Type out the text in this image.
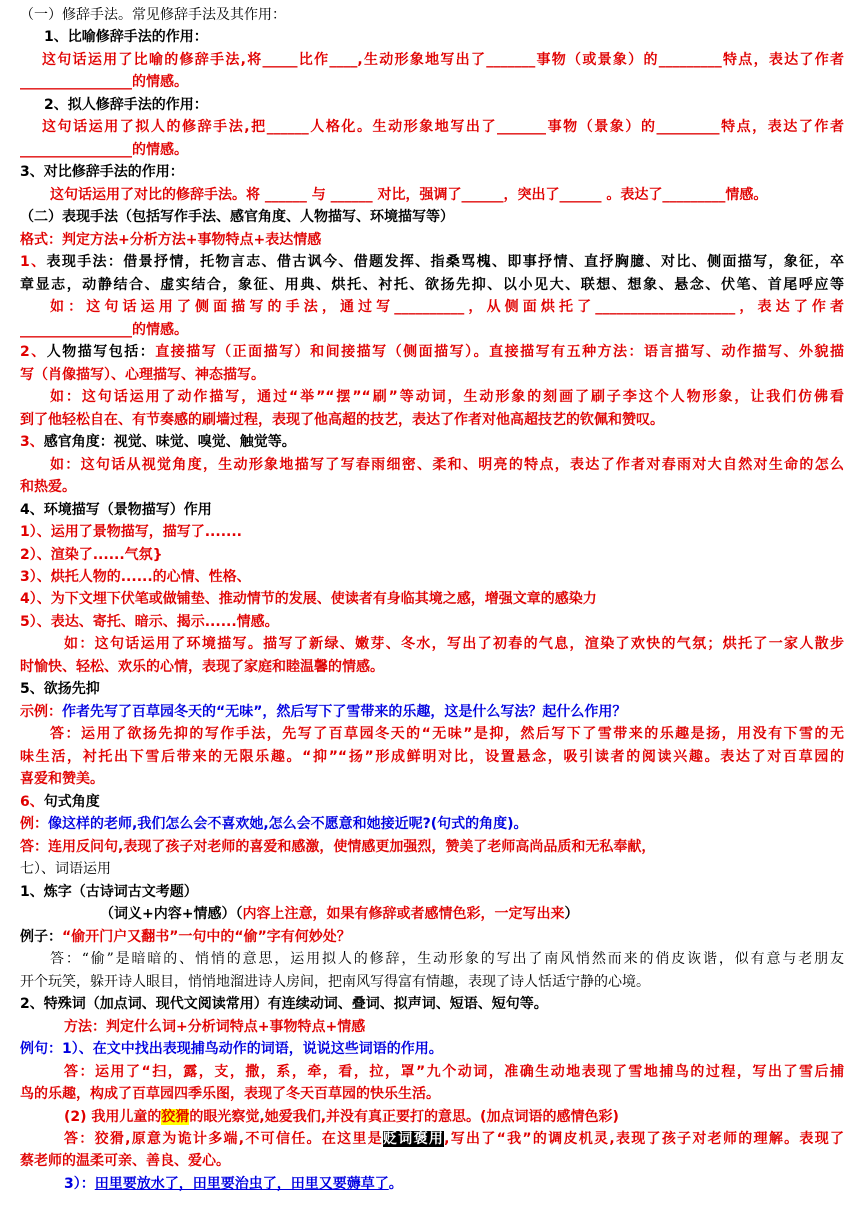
（一）修辞手法。常见修辞手法及其作用：
1、比喻修辞手法的作用：
这句话运用了比喻的修辞手法,将_____比作____,生动形象地写出了_______事物（或景象）的_________特点，表达了作者
________________的情感。
2、拟人修辞手法的作用：
这句话运用了拟人的修辞手法,把______人格化。生动形象地写出了_______事物（景象）的_________特点，表达了作者
________________的情感。
3、对比修辞手法的作用：
这句话运用了对比的修辞手法。将 ______ 与 ______ 对比，强调了______，突出了______ 。表达了_________情感。
（二）表现手法（包括写作手法、感官角度、人物描写、环境描写等）
格式：判定方法+分析方法+事物特点+表达情感
1、表现手法：借景抒情，托物言志、借古讽今、借题发挥、指桑骂槐、即事抒情、直抒胸臆、对比、侧面描写，象征，卒
章显志，动静结合、虚实结合，象征、用典、烘托、衬托、欲扬先抑、以小见大、联想、想象、悬念、伏笔、首尾呼应等
如：这句话运用了侧面描写的手法，通过写__________，从侧面烘托了____________________，表达了作者
________________的情感。
2、人物描写包括：直接描写（正面描写）和间接描写（侧面描写）。直接描写有五种方法：语言描写、动作描写、外貌描
写（肖像描写）、心理描写、神态描写。
如：这句话运用了动作描写，通过“举”“摆”“刷”等动词，生动形象的刻画了刷子李这个人物形象，让我们仿佛看
到了他轻松自在、有节奏感的刷墙过程，表现了他高超的技艺，表达了作者对他高超技艺的钦佩和赞叹。
3、感官角度：视觉、味觉、嗅觉、触觉等。
如：这句话从视觉角度，生动形象地描写了写春雨细密、柔和、明亮的特点，表达了作者对春雨对大自然对生命的怎么
和热爱。
4、环境描写（景物描写）作用
1）、运用了景物描写，描写了.......
2）、渲染了......气氛}
3）、烘托人物的......的心情、性格、
4）、为下文埋下伏笔或做铺垫、推动情节的发展、使读者有身临其境之感，增强文章的感染力
5）、表达、寄托、暗示、揭示......情感。
如：这句话运用了环境描写。描写了新绿、嫩芽、冬水，写出了初春的气息，渲染了欢快的气氛；烘托了一家人散步
时愉快、轻松、欢乐的心情，表现了家庭和睦温馨的情感。
5、欲扬先抑
示例：作者先写了百草园冬天的“无味”，然后写下了雪带来的乐趣，这是什么写法？起什么作用？
答：运用了欲扬先抑的写作手法，先写了百草园冬天的“无味”是抑，然后写下了雪带来的乐趣是扬，用没有下雪的无
味生活，衬托出下雪后带来的无限乐趣。“抑”“扬”形成鲜明对比，设置悬念，吸引读者的阅读兴趣。表达了对百草园的
喜爱和赞美。
6、句式角度
例：像这样的老师,我们怎么会不喜欢她,怎么会不愿意和她接近呢?(句式的角度)。
答：连用反问句,表现了孩子对老师的喜爱和感激，使情感更加强烈，赞美了老师高尚品质和无私奉献，
七）、词语运用
1、炼字（古诗词古文考题）
（词义+内容+情感）（内容上注意，如果有修辞或者感情色彩，一定写出来）
例子：“偷开门户又翻书”一句中的“偷”字有何妙处？
答：“偷”是暗暗的、悄悄的意思，运用拟人的修辞，生动形象的写出了南风悄然而来的俏皮诙谐，似有意与老朋友
开个玩笑，躲开诗人眼目，悄悄地溜进诗人房间，把南风写得富有情趣，表现了诗人恬适宁静的心境。
2、特殊词（加点词、现代文阅读常用）有连续动词、叠词、拟声词、短语、短句等。
方法：判定什么词+分析词特点+事物特点+情感
例句：1）、在文中找出表现捕鸟动作的词语，说说这些词语的作用。
答：运用了“扫，露，支，撒，系，牵，看，拉，罩”九个动词，准确生动地表现了雪地捕鸟的过程，写出了雪后捕
鸟的乐趣，构成了百草园四季乐图，表现了冬天百草园的快乐生活。
(2) 我用儿童的狡猾的眼光察觉,她爱我们,并没有真正要打的意思。(加点词语的感情色彩)
答：狡猾,原意为诡计多端,不可信任。在这里是贬词褒用,写出了“我”的调皮机灵,表现了孩子对老师的理解。表现了
蔡老师的温柔可亲、善良、爱心。
3）：田里要放水了，田里要治虫了，田里又要薅草了。
